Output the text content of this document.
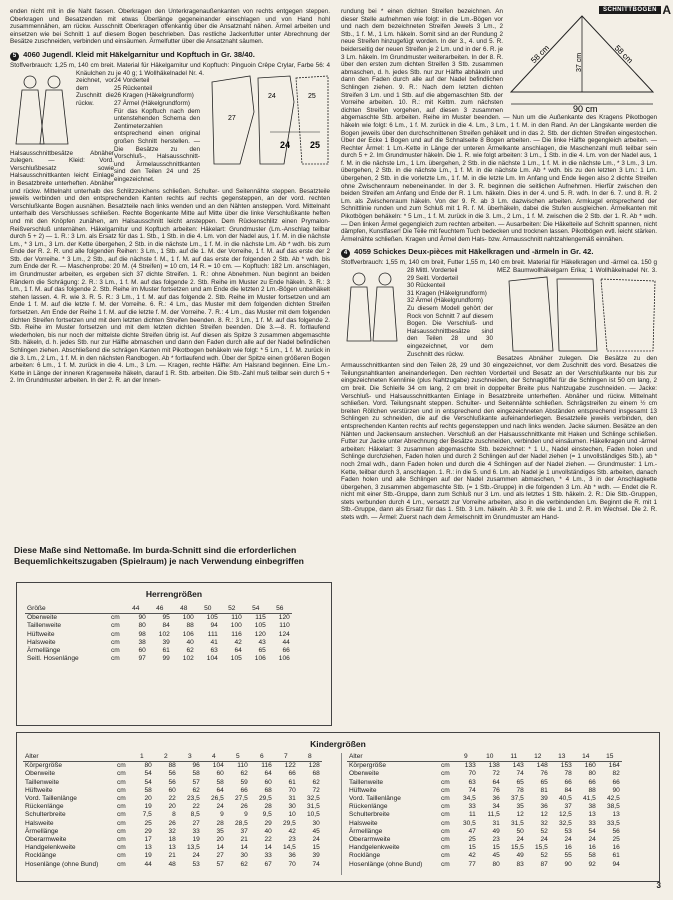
SCHNITTBOGEN A
enden nicht mit in die Naht fassen. Oberkragen den Unterkragenaußenkanten von rechts entgegen steppen. Oberkragen und Besatzenden mit etwas Überlänge gegeneinander einschlagen und von Hand hohl zusammennähen, am rückw. Ausschnitt Oberkragen offenkantig über die Ansatznaht nähen. Ärmel arbeiten und einsetzen wie bei Schnitt 1 auf diesem Bogen beschrieben. Das restliche Jackenfutter unter Abrechnung der Besätze zuschneiden, verbinden und einsäumen. Ärmelfutter über die Ansatznaht säumen.
5 4060 Jugendl. Kleid mit Häkelgarnitur und Kopftuch in Gr. 38/40.
Stoffverbrauch: 1,25 m, 140 cm breit. Material für Häkelgarnitur und Kopftuch: Pinguoin Crêpe Crylar, Farbe 56: 4 Knäulchen zu je 40 g; 1 Wollhäkelnadel Nr. 4.
27
24	25
24 25
24 Vorderteil
25 Rückenteil
26 Kragen (Häkelgrundform)
27 Ärmel (Häkelgrundform)
Für das Kopftuch nach dem untenstehenden Schema den Zentimeterzahlen entsprechend einen original großen Schnitt herstellen. — Die Besätze zu den Vorschluß-, Halsausschnitt- und Ärmelausschnittkanten sind den Teilen 24 und 25 eingezeichnet.
zeichnet, vor dem Zuschnitt die rückw. Halsausschnittbesätze Abnäher zulegen. — Kleid: Vord. Verschlußbesatz sowie Halsausschnittkanten leicht Einlage in Besatzbreite unterheften. Abnäher und rückw. Mittelnaht unterhalb des Schlitzzeichens schließen. Schulter- und Seitennähte steppen. Besatzteile jeweils verbinden und den entsprechenden Kanten rechts auf rechts gegensteppen, an der vord. rechten Verschlußkante Bogen ausnähen. Besatzteile nach links wenden und an den Nähten ansteppen. Vord. Mittelnaht unterhalb des Verschlusses schließen. Rechte Bogenkante Mitte auf Mitte über die linke Verschlußkante heften und mit den Knöpfen zunähen, am Halsausschnitt leicht ansteppen. Dem Rückenschlitz einen Prymalon-Reißverschluß unternähen. Häkelgarnitur und Kopftuch arbeiten: Häkelart: Grundmuster (Lm.-Anschlag teilbar durch 5 + 2) — 1. R.: 3 Lm. als Ersatz für das 1. Stb., 1 Stb. in die 4. Lm. von der Nadel aus, 1 f. M. in die nächste Lm., * 3 Lm., 3 Lm. der Kette übergehen, 2 Stb. in die nächste Lm., 1 f. M. in die nächste Lm. Ab * wdh. bis zum Ende der R. 2. R. und alle folgenden Reihen: 3 Lm., 1 Stb. auf die 1. M. der Vorreihe, 1 f. M. auf das erste der 2 Stb. der Vorreihe. * 3 Lm., 2 Stb., auf die nächste f. M., 1 f. M. auf das erste der folgenden 2 Stb. Ab * wdh. bis zum Ende der R. — Maschenprobe: 20 M. (4 Streifen) = 10 cm, 14 R. = 10 cm. — Kopftuch: 182 Lm. anschlagen, im Grundmuster arbeiten, es ergeben sich 37 dichte Streifen. 1. R.: ohne Abnehmen. Nun beginnt an beiden Rändern die Schrägung: 2. R.: 3 Lm., 1 f. M. auf das folgende 2. Stb. Reihe im Muster zu Ende häkeln. 3. R.: 3 Lm., 1 f. M. auf das folgende 2. Stb. Reihe im Muster fortsetzen und am Ende die letzten 2 Lm.-Bögen unbehäkelt stehen lassen. 4. R. wie 3. R. 5. R.: 3 Lm., 1 f. M. auf das folgende 2. Stb. Reihe im Muster fortsetzen und am Ende 1 f. M. auf die letzte f. M. der Vorreihe. 6. R.: 4 Lm., das Muster mit dem folgenden dichten Streifen fortsetzen. Am Ende der Reihe 1 f. M. auf die letzte f. M. der Vorreihe. 7. R.: 4 Lm., das Muster mit dem folgenden dichten Streifen fortsetzen und mit dem letzten dichten Streifen beenden. 8. R.: 3 Lm., 1 f. M. auf das folgende 2. Stb. Reihe im Muster fortsetzen und mit dem letzten dichten Streifen beenden. Die 3.—8. R. fortlaufend wiederholen, bis nur noch der mittelste dichte Streifen übrig ist. Auf diesen als Spitze 3 zusammen abgemaschte Stb. häkeln, d. h. jedes Stb. nur zur Hälfte abmaschen und dann den Faden durch alle auf der Nadel befindlichen Schlingen ziehen. Abschließend die schrägen Kanten mit Pikotbogen behäkeln wie folgt: * 5 Lm., 1 f. M. zurück in die 3. Lm., 2 Lm., 1 f. M. in den nächsten Randbogen. Ab * fortlaufend wdh. Über der Spitze einen größeren Bogen arbeiten: 6 Lm., 1 f. M. zurück in die 4. Lm., 3 Lm. — Kragen, rechte Hälfte: Am Halsrand beginnen. Eine Lm.-Kette in Länge der inneren Kragenweite häkeln, darauf 1 R. Stb. arbeiten. Die Stb.-Zahl muß teilbar sein durch 5 + 2. Im Grundmuster arbeiten. In der 2. R. an der Innen-
58 cm	58 cm
37 cm
90 cm
rundung bei * einen dichten Streifen bezeichnen. An dieser Stelle aufnehmen wie folgt: in die Lm.-Bögen vor und nach dem bezeichneten Streifen Jewels 3 Lm., 2 Stb., 1 f. M., 1 Lm. häkeln. Somit sind an der Rundung 2 neue Streifen hinzugefügt worden. In der 3., 4. und 5. R. beiderseitig der neuen Streifen je 2 Lm. und in der 6. R. je 3 Lm. häkeln. Im Grundmuster weiterarbeiten. In der 8. R. über den ersten zum dichten Streifen 3 Stb. zusammen abmaschen, d. h. jedes Stb. nur zur Hälfte abhäkeln und dann den Faden durch alle auf der Nadel befindlichen Schlingen ziehen. 9. R.: Nach dem letzten dichten Streifen 3 Lm. und 1 Stb. auf die abgemaschten Stb. der Vorreihe arbeiten. 10. R.: mit Kettm. zum nächsten dichten Streifen vorgehen, auf diesen 3 zusammen abgemaschte Stb. arbeiten. Reihe im Muster beenden. — Nun um die Außenkante des Kragens Pikotbogen häkeln wie folgt: 6 Lm., 1 f. M. zurück in die 4. Lm., 3 Lm., 1 f. M. in den Rand. An der Längskante werden die Bogen jeweils über den durchschnittenen Streifen gehäkelt und in das 2. Stb. der dichten Streifen eingestochen. Über der Ecke 1 Bogen und auf die Schnalseite 8 Bogen arbeiten. — Die linke Hälfte gegengleich arbeiten. — Rechter Ärmel: 1 Lm.-Kette in Länge der unteren Ärmelkante anschlagen, die Maschenzahl muß teilbar sein durch 5 + 2. Im Grundmuster häkeln. Die 1. R. wie folgt arbeiten: 3 Lm., 1 Stb. in die 4. Lm. von der Nadel aus, 1 f. M. in die nächste Lm., 1 Lm. übergehen, 2 Stb. in die nächste 1 Lm., 1 f. M. in die nächste Lm., * 3 Lm., 3 Lm. übergehen, 2 Stb. in die nächste Lm., 1 f. M. in die nächste Lm. Ab * wdh. bis zu den letzten 3 Lm.: 1 Lm. übergehen, 2 Stb. in die vorletzte Lm., 1 f. M. in die letzte Lm. Im Anfang und Ende liegen also 2 dichte Streifen ohne Zwischenraum nebeneinander. In der 3. R. beginnen die seitlichen Aufnehmen. Hierfür zwischen den beiden Streifen am Anfang und Ende der R. 1 Lm. häkeln. Dies in der 4. und 5. R. wdh. In der 6. 7. und 8. R. 2 Lm. als Zwischenraum häkeln. Von der 9. R. ab 3 Lm. dazwischen arbeiten. Armkugel entsprechend der Schnittlinie runden und zum Schluß mit 1 R. f. M. überhäkeln, dabei die Stufen ausgleichen. Ärmelkanten mit Pikotbögen behäkeln: * 5 Lm., 1 f. M. zurück in die 3. Lm., 2 Lm., 1 f. M. zwischen die 2 Stb. der 1. R. Ab * wdh. — Den linken Ärmel gegengleich zum rechten arbeiten. — Ausarbeiten: Die Häkelteile auf Schnitt spannen, nicht dämpfen, Kunstfaser! Die Teile mit feuchtem Tuch bedecken und trocknen lassen. Pikotbögen evtl. leicht stärken. Ärmelnähte schließen. Kragen und Ärmel dem Hals- bzw. Armausschnitt nahtzahlengemäß einnähen.
4 4059 Schickes Deux-pièces mit Häkelkragen und -ärmeln in Gr. 42.
Stoffverbrauch: 1,55 m, 140 cm breit, Futter 1,55 m, 140 cm breit. Material für Häkelkragen und -ärmel ca. 150 g MEZ Baumwollhäkelgarn Erika; 1 Wollhäkelnadel Nr. 3.
28 Mittl. Vorderteil
29 Seitl. Vorderteil
30 Rückenteil
31 Kragen (Häkelgrundform)
32 Ärmel (Häkelgrundform)
Zu diesem Modell gehört der Rock von Schnitt 7 auf diesem Bogen. Die Verschluß- und Halsausschnittbesätze sind den Teilen 28 und 30 eingezeichnet, vor dem Zuschnitt des rückw.
Besatzes Abnäher zulegen. Die Besätze zu den Armausschnittkanten sind den Teilen 28, 29 und 30 eingezeichnet, vor dem Zuschnitt des vord. Besatzes die Teilungsnahtkanten aneinanderlegen. Den rechten Vorderteil und Besatz an der Verschlußkante nur bis zur eingezeichneten Kennlinie (plus Nahtzugabe) zuschneiden, der Schnaglöffel für die Schlingen ist 50 cm lang, 2 cm breit. Die Schleife 34 cm lang, 2 cm breit in doppelter Breite plus Nahtzugabe zuschneiden. — Jacke: Verschluß- und Halsausschnittkanten Einlage in Besatzbreite unterheften. Abnäher und rückw. Mittelnaht schließen. Vord. Teilungsnaht steppen. Schulter- und Seitennähte schließen. Schrägstreifen zu einem ½ cm breiten Röllchen verstürzen und in entsprechend den eingezeichneten Abständen entsprechend insgesamt 13 Schlingen zu schneiden, die auf die Verschlußkante aufeinanderliegen. Besatzteile jeweils verbinden, den entsprechenden Kanten rechts auf rechts gegensteppen und nach links wenden. Jacke säumen. Besätze an den Nähten und Jackensaum anstechen. Verschluß an der Halsausschnittkante mit Haken und Schlinge schließen. Futter zur Jacke unter Abrechnung der Besätze zuschneiden, verbinden und einsäumen. Häkelkragen und -ärmel arbeiten: Häkelart: 3 zusammen abgemaschte Stb. bezeichnet: * 1 U., Nadel einstechen, Faden holen und Schlinge durchziehen, Faden holen und durch 2 Schlingen auf der Nadel ziehen (= 1 unvollständiges Stb.), ab * noch 2mal wdh., dann Faden holen und durch die 4 Schlingen auf der Nadel ziehen. — Grundmuster: 1 Lm.-Kette, teilbar durch 3, anschlagen. 1. R.: in die 5. und 6. Lm. ab Nadel je 1 unvollständiges Stb. arbeiten, danach Faden holen und alle Schlingen auf der Nadel zusammen abmaschen, * 4 Lm., 3 in der Anschlagkette übergehen, 3 zusammen abgemaschte Stb. (= 1 Stb.-Gruppe) in die folgenden 3 Lm. Ab * wdh. — Endet die R. nicht mit einer Stb.-Gruppe, dann zum Schluß nur 3 Lm. und als letztes 1 Stb. häkeln. 2. R.: Die Stb.-Gruppen, stets verbunden durch 4 Lm., versetzt zur Vorreihe arbeiten, also in die verbindenden Lm. Beginnt die R. mit 1 Stb.-Gruppe, dann als Ersatz für das 1. Stb. 3 Lm. häkeln. Ab 3. R. wie die 1. und 2. R. im Wechsel. Die 2. R. stets wdh. — Ärmel: Zuerst nach dem Ärmelschnitt im Grundmuster am Hand-
Diese Maße sind Nettomaße. Im burda-Schnitt sind die erforderlichen Bequemlichkeitszugaben (Spielraum) je nach Verwendung einbegriffen
Herrengrößen
Größe		44	46	48	50	52	54	56
Oberweite	cm	90	95	100	105	110	115	120
Taillenweite	cm	80	84	88	94	100	105	110
Hüftweite	cm	98	102	106	111	116	120	124
Halsweite	cm	38	39	40	41	42	43	44
Ärmellänge	cm	60	61	62	63	64	65	66
Seitl. Hosenlänge	cm	97	99	102	104	105	106	106
Kindergrößen
Alter		1	2	3	4	5	6	7	8
Körpergröße	cm	80	88	96	104	110	116	122	128
Oberweite	cm	54	56	58	60	62	64	66	68
Taillenweite	cm	54	56	57	58	59	60	61	62
Hüftweite	cm	58	60	62	64	66	68	70	72
Vord. Taillenlänge	cm	20	22	23,5	26,5	27,5	29,5	31	32,5
Rückenlänge	cm	19	20	22	24	26	28	30	31,5
Schulterbreite	cm	7,5	8	8,5	9	9	9,5	10	10,5
Halsweite	cm	25	26	27	28	28,5	29	29,5	30
Ärmellänge	cm	29	32	33	35	37	40	42	45
Oberarmweite	cm	17	18	19	20	21	22	23	24
Handgelenkweite	cm	13	13	13,5	14	14	14	14,5	15
Rocklänge	cm	19	21	24	27	30	33	36	39
Hosenlänge (ohne Bund)	cm	44	48	53	57	62	67	70	74
Alter		9	10	11	12	13	14	15
Körpergröße	cm	133	138	143	148	153	160	164
Oberweite	cm	70	72	74	76	78	80	82
Taillenweite	cm	63	64	65	65	66	66	66
Hüftweite	cm	74	76	78	81	84	88	90
Vord. Taillenlänge	cm	34,5	36	37,5	39	40,5	41,5	42,5
Rückenlänge	cm	33	34	35	36	37	38	38,5
Schulterbreite	cm	11	11,5	12	12	12,5	13	13
Halsweite	cm	30,5	31	31,5	32	32,5	33	33,5
Ärmellänge	cm	47	49	50	52	53	54	56
Oberarmweite	cm	25	23	24	24	24	24	25
Handgelenkweite	cm	15	15	15,5	15,5	16	16	16
Rocklänge	cm	42	45	49	52	55	58	61
Hosenlänge (ohne Bund)	cm	77	80	83	87	90	92	94
3
